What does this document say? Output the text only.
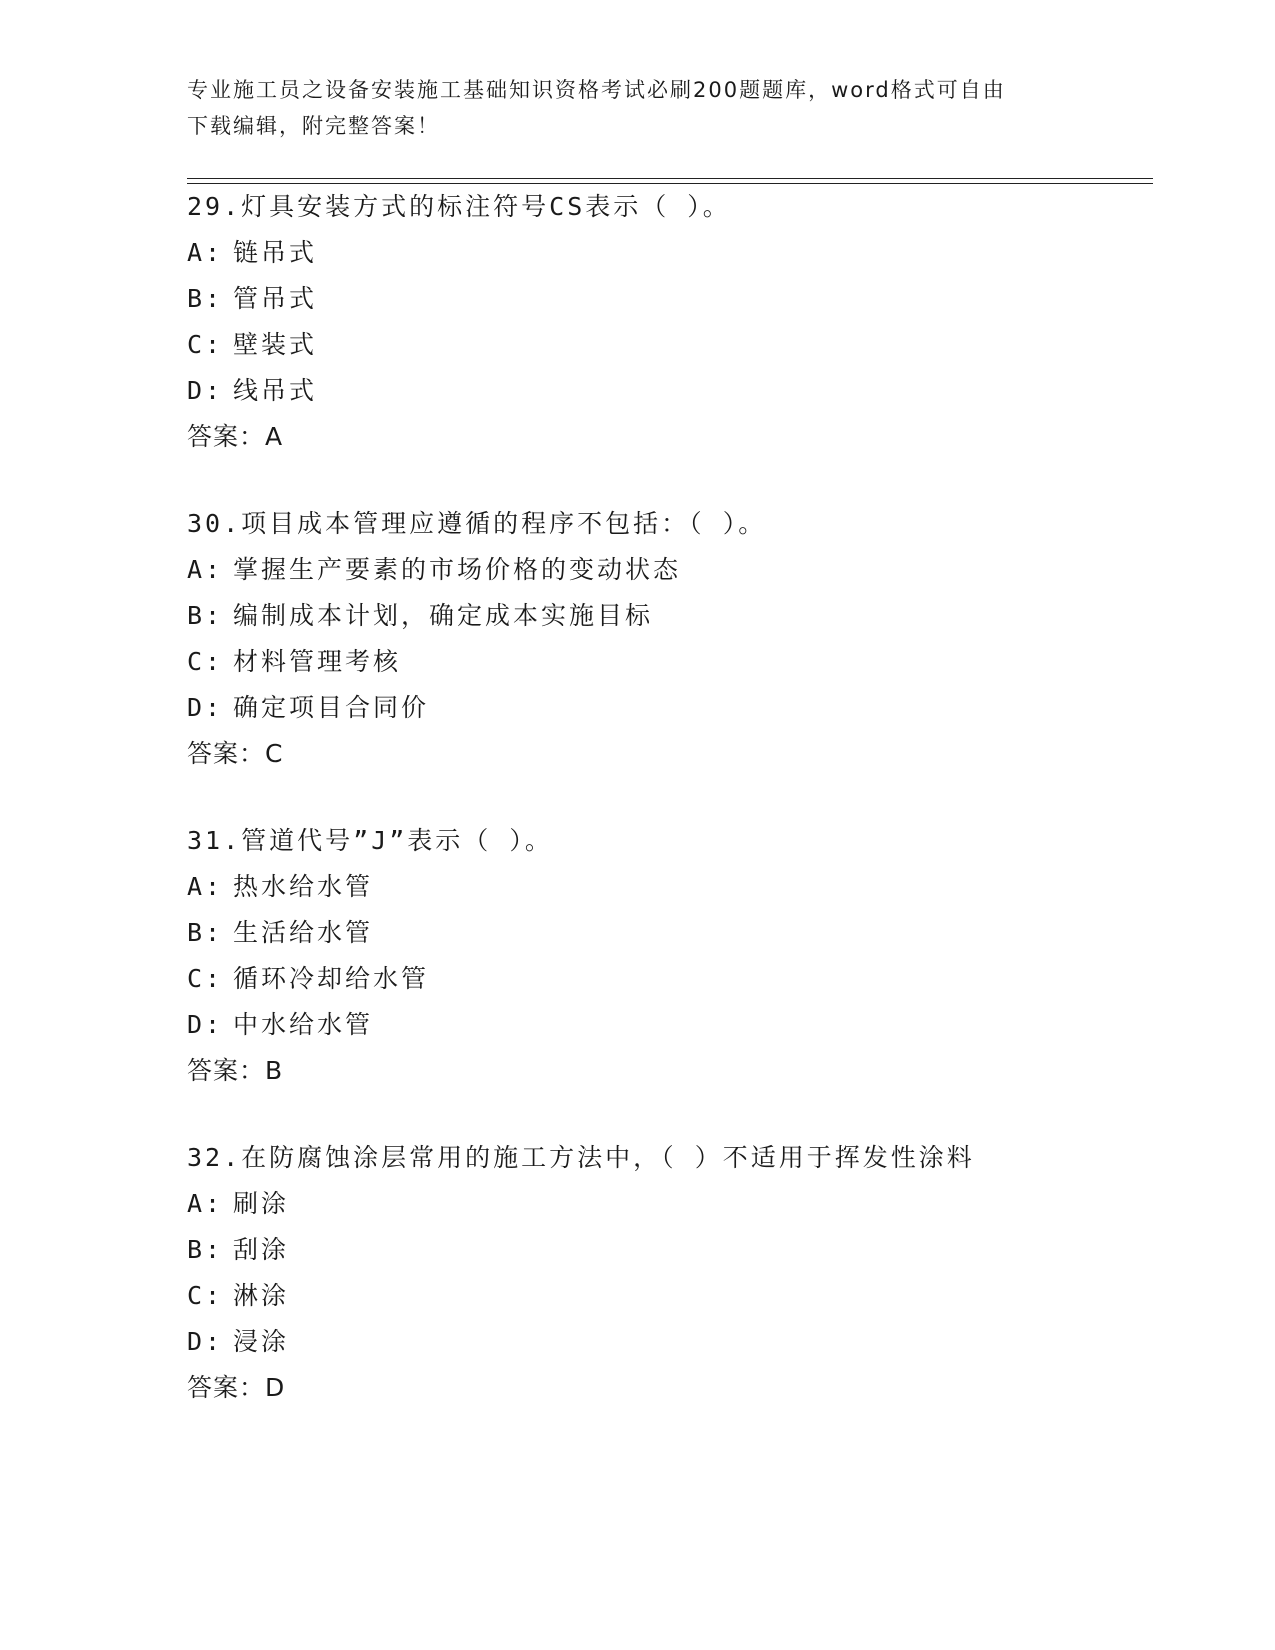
专业施工员之设备安装施工基础知识资格考试必刷200题题库，word格式可自由
下载编辑，附完整答案！
29.灯具安装方式的标注符号CS表示（ ）。
A: 链吊式
B: 管吊式
C: 壁装式
D: 线吊式
答案：A
30.项目成本管理应遵循的程序不包括：（ ）。
A: 掌握生产要素的市场价格的变动状态
B: 编制成本计划，确定成本实施目标
C: 材料管理考核
D: 确定项目合同价
答案：C
31.管道代号”J”表示（ ）。
A: 热水给水管
B: 生活给水管
C: 循环冷却给水管
D: 中水给水管
答案：B
32.在防腐蚀涂层常用的施工方法中，（ ）不适用于挥发性涂料
A: 刷涂
B: 刮涂
C: 淋涂
D: 浸涂
答案：D
